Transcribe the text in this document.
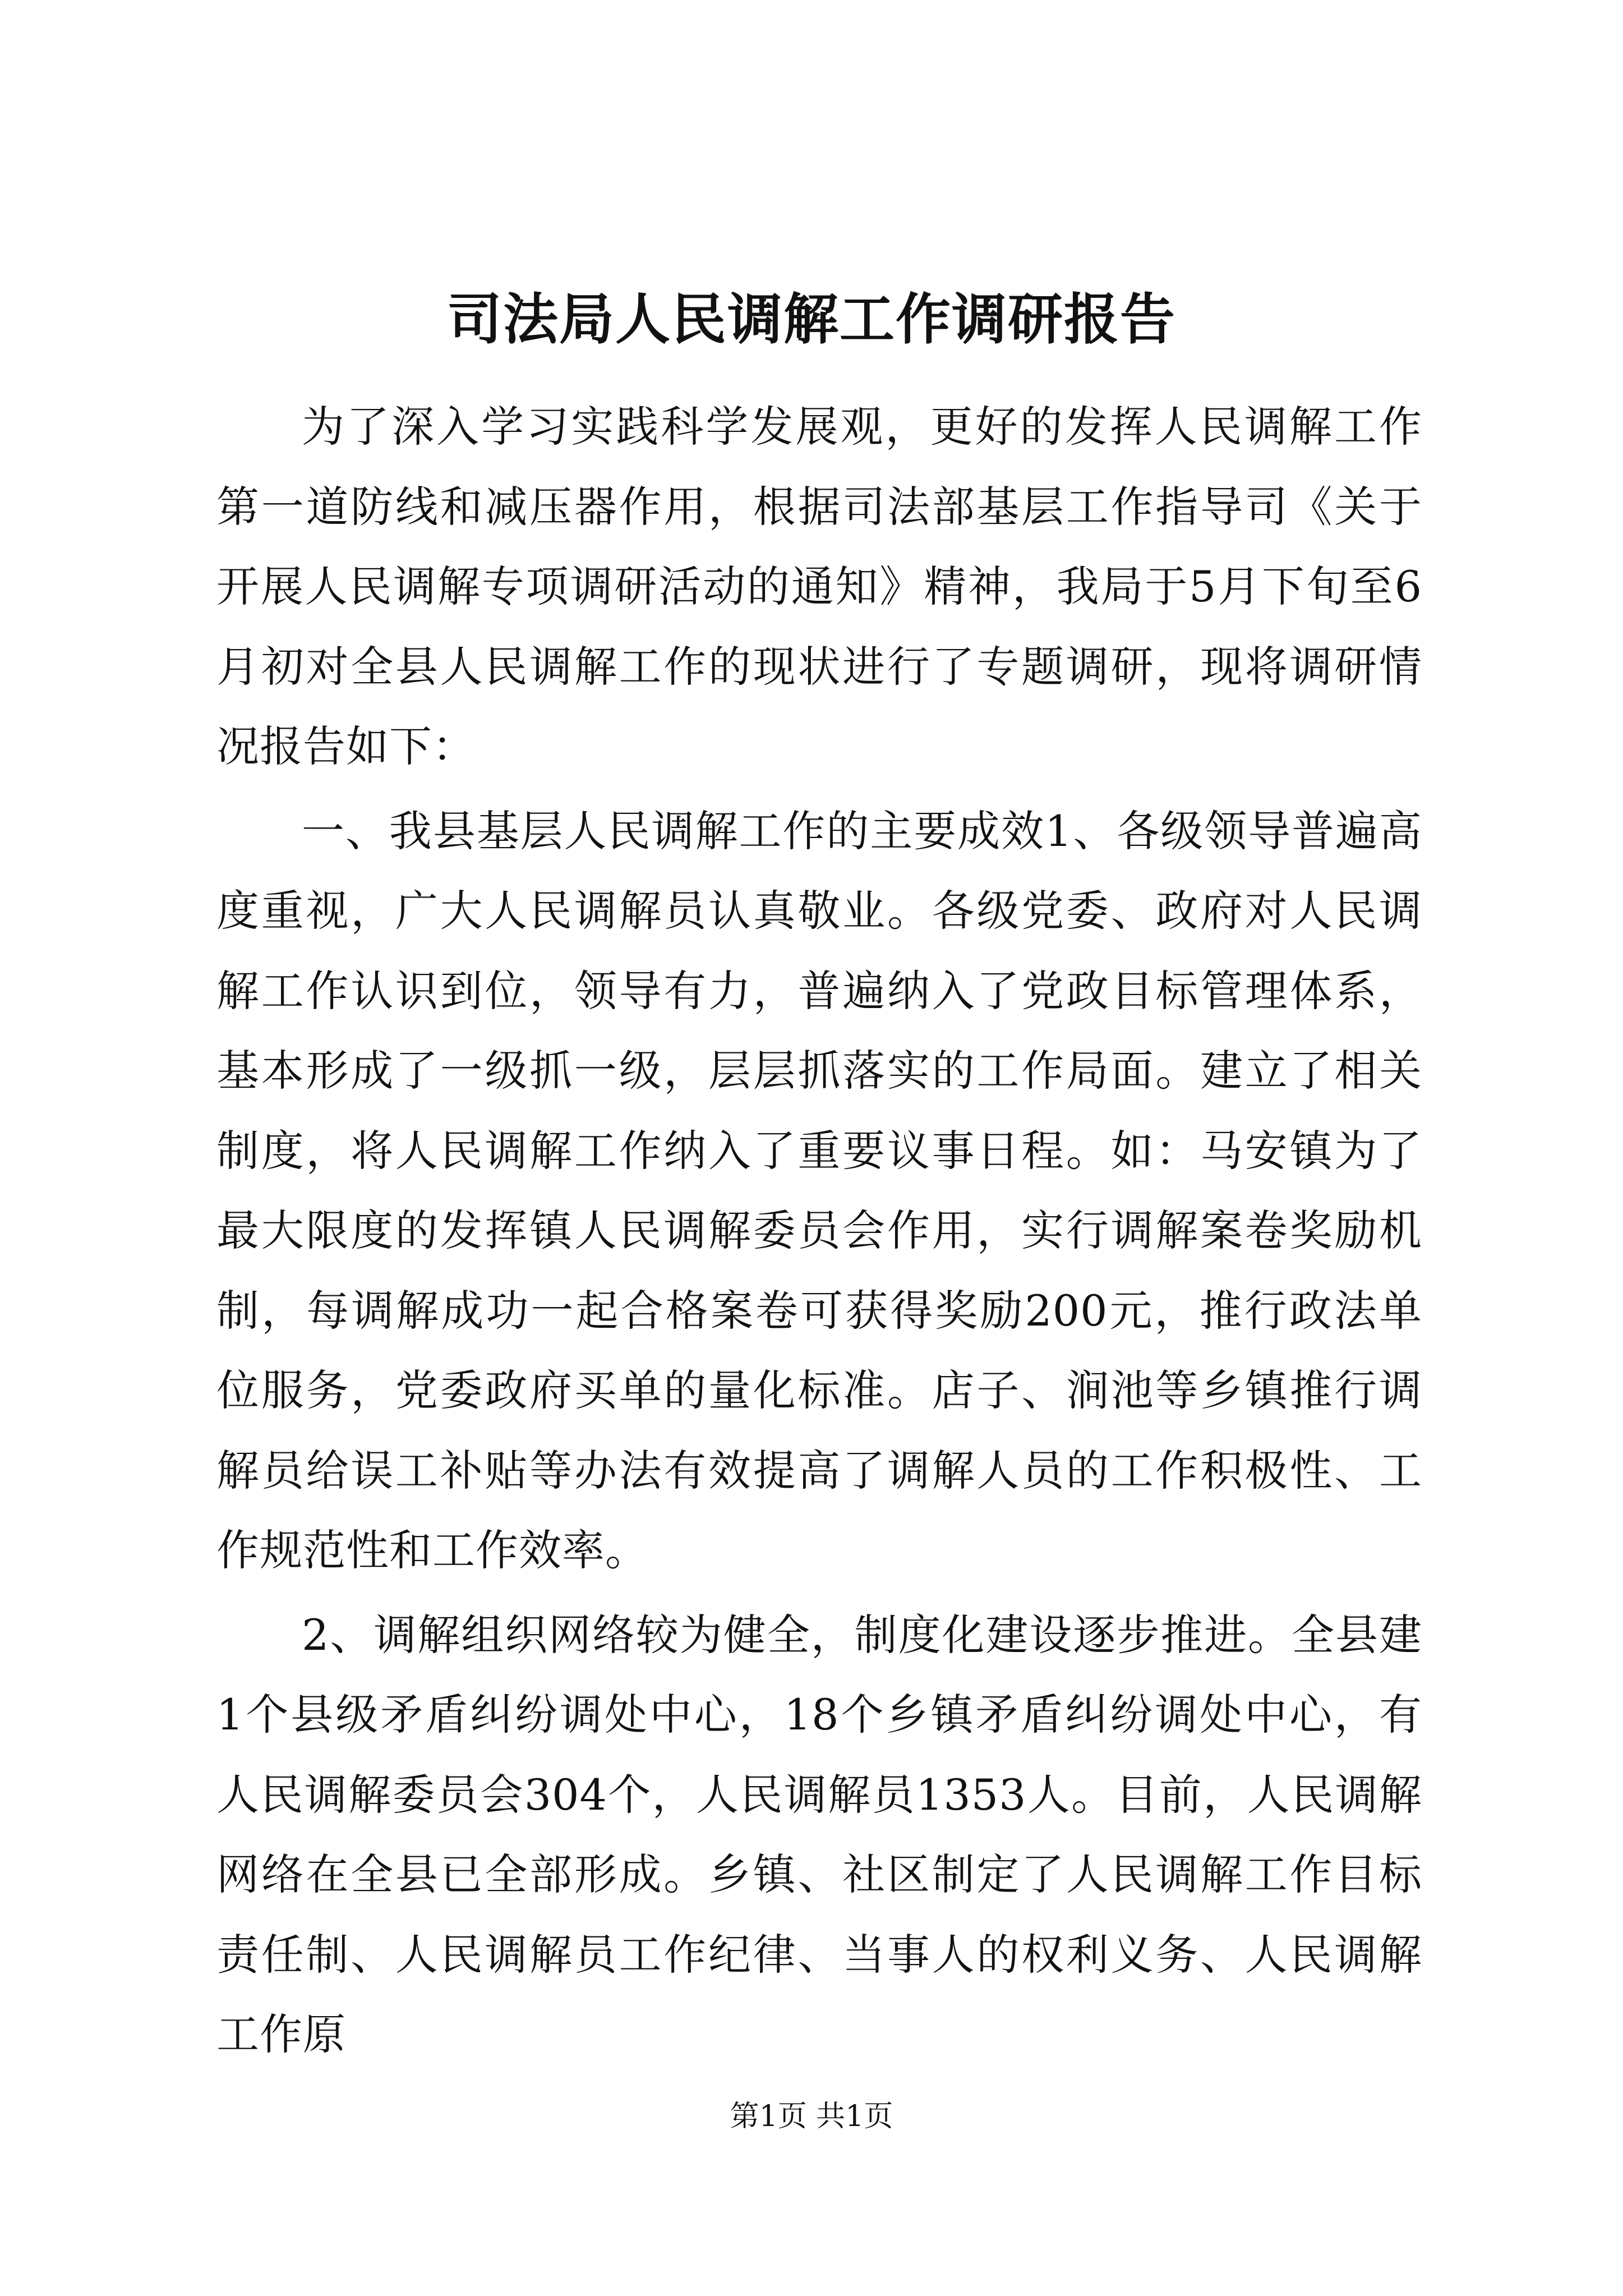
司法局人民调解工作调研报告

为了深入学习实践科学发展观，更好的发挥人民调解工作第一道防线和减压器作用，根据司法部基层工作指导司《关于开展人民调解专项调研活动的通知》精神，我局于5月下旬至6月初对全县人民调解工作的现状进行了专题调研，现将调研情况报告如下：

一、我县基层人民调解工作的主要成效1、各级领导普遍高度重视，广大人民调解员认真敬业。各级党委、政府对人民调解工作认识到位，领导有力，普遍纳入了党政目标管理体系，基本形成了一级抓一级，层层抓落实的工作局面。建立了相关制度，将人民调解工作纳入了重要议事日程。如：马安镇为了最大限度的发挥镇人民调解委员会作用，实行调解案卷奖励机制，每调解成功一起合格案卷可获得奖励200元，推行政法单位服务，党委政府买单的量化标准。店子、涧池等乡镇推行调解员给误工补贴等办法有效提高了调解人员的工作积极性、工作规范性和工作效率。

2、调解组织网络较为健全，制度化建设逐步推进。全县建1个县级矛盾纠纷调处中心，18个乡镇矛盾纠纷调处中心，有人民调解委员会304个，人民调解员1353人。目前，人民调解网络在全县已全部形成。乡镇、社区制定了人民调解工作目标责任制、人民调解员工作纪律、当事人的权利义务、人民调解工作原

第1页 共1页
